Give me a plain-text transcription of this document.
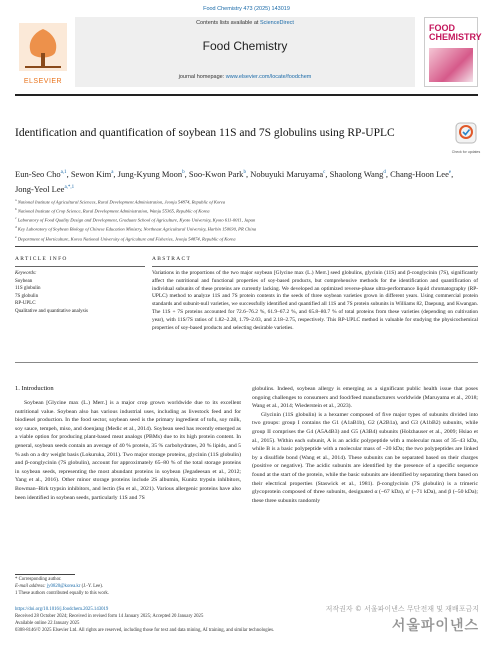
Food Chemistry 473 (2025) 143019
ELSEVIER
Contents lists available at ScienceDirect
Food Chemistry
journal homepage: www.elsevier.com/locate/foodchem
FOOD CHEMISTRY
Identification and quantification of soybean 11S and 7S globulins using RP-UPLC
Check for updates
Eun-Seo Cho$^{a,1}$, Sewon Kim$^a$, Jung-Kyung Moon$^b$, Soo-Kwon Park$^b$, Nobuyuki Maruyama$^c$, Shaolong Wang$^d$, Chang-Hoon Lee$^e$, Jong-Yeol Lee$^{a,*,1}$
$^a$ National Institute of Agricultural Sciences, Rural Development Administration, Jeonju 54874, Republic of Korea
$^b$ National Institute of Crop Science, Rural Development Administration, Wanju 55365, Republic of Korea
$^c$ Laboratory of Food Quality Design and Development, Graduate School of Agriculture, Kyoto University, Kyoto 611-0011, Japan
$^d$ Key Laboratory of Soybean Biology of Chinese Education Ministry, Northeast Agricultural University, Harbin 150030, PR China
$^e$ Department of Horticulture, Korea National University of Agriculture and Fisheries, Jeonju 54874, Republic of Korea
ARTICLE INFO	ABSTRACT
Keywords:
Soybean
11S globulin
7S globulin
RP-UPLC
Qualitative and quantitative analysis
Variations in the proportions of the two major soybean [Glycine max (L.) Merr.] seed globulins, glycinin (11S) and β-conglycinin (7S), significantly affect the nutritional and functional properties of soy-based products, but comprehensive methods for the identification and quantification of individual subunits of these proteins are currently lacking. We developed an optimized reverse-phase ultra-performance liquid chromatography (RP-UPLC) method to analyze 11S and 7S protein contents in the seeds of three soybean varieties grown in different years. Using commercial protein standards and subunit-null varieties, we successfully identified and quantified all 11S and 7S protein subunits in Williams 82, Daepung, and Kwangan. The 11S + 7S proteins accounted for 72.6–76.2 %, 61.9–67.2 %, and 65.8–80.7 % of total proteins from these varieties (depending on cultivation year), with 11S/7S ratios of 1.82–2.28, 1.79–2.03, and 2.18–2.75, respectively. This RP-UPLC method is valuable for studying the physicochemical properties of soy-based products and selecting desirable varieties.
1. Introduction

Soybean [Glycine max (L.) Merr.] is a major crop grown worldwide due to its excellent nutritional value. Soybean also has various industrial uses, including as livestock feed and for biodiesel production. In the food sector, soybean seed is the primary ingredient of tofu, soy milk, soy sauce, tempeh, miso, and doenjang (Medic et al., 2014). Soybean seed has recently emerged as a viable option for producing plant-based meat analogs (PBMs) due to its high protein content. In general, soybean seeds contain an average of 40 % protein, 35 % carbohydrates, 20 % lipids, and 5 % ash on a dry weight basis (Lokuruka, 2011). Two major storage proteins, glycinin (11S globulin) and β-conglycinin (7S globulin), account for approximately 65–80 % of the total storage proteins in soybean seeds, representing the most abundant proteins in soybean (Jegadeesan et al., 2012; Yang et al., 2016). Other minor storage proteins include 2S albumin, Kunitz trypsin inhibitors, Bowman–Birk trypsin inhibitors, and lectin (Su et al., 2021). Various allergenic proteins have also been identified in soybean seeds, particularly 11S and 7S

globulins. Indeed, soybean allergy is emerging as a significant public health issue that poses ongoing challenges to consumers and food/feed manufacturers worldwide (Maruyama et al., 2018; Wang et al., 2014; Wiederstein et al., 2023).

Glycinin (11S globulin) is a hexamer composed of five major types of subunits divided into two groups: group I contains the G1 (A1aB1b), G2 (A2B1a), and G3 (A1bB2) subunits, while group II comprises the G4 (A5A4B3) and G5 (A3B4) subunits (Holzhauser et al., 2009; Hsiao et al., 2015). Within each subunit, A is an acidic polypeptide with a molecular mass of 35–43 kDa, while B is a basic polypeptide with a molecular mass of ~20 kDa; the two polypeptides are linked by a disulfide bond (Wang et al., 2014). These subunits can be separated based on their charges (positive or negative). The acidic subunits are identified by the presence of a specific sequence found at the start of the protein, while the basic subunits are identified by separating them based on their electrical properties (Staswick et al., 1981). β-conglycinin (7S globulin) is a trimeric glycoprotein composed of three subunits, designated α (~67 kDa), α′ (~71 kDa), and β (~50 kDa); these three subunits randomly

* Corresponding author.
E-mail address: jy0820@korea.kr (J.-Y. Lee).
1 These authors contributed equally to this work.
https://doi.org/10.1016/j.foodchem.2025.143019
Received 28 October 2024; Received in revised form 14 January 2025; Accepted 20 January 2025
Available online 22 January 2025
0308-8146/© 2025 Elsevier Ltd. All rights are reserved, including those for text and data mining, AI training, and similar technologies.
저작권자 © 서울파이낸스 무단전재 및 재배포금지
서울파이낸스
